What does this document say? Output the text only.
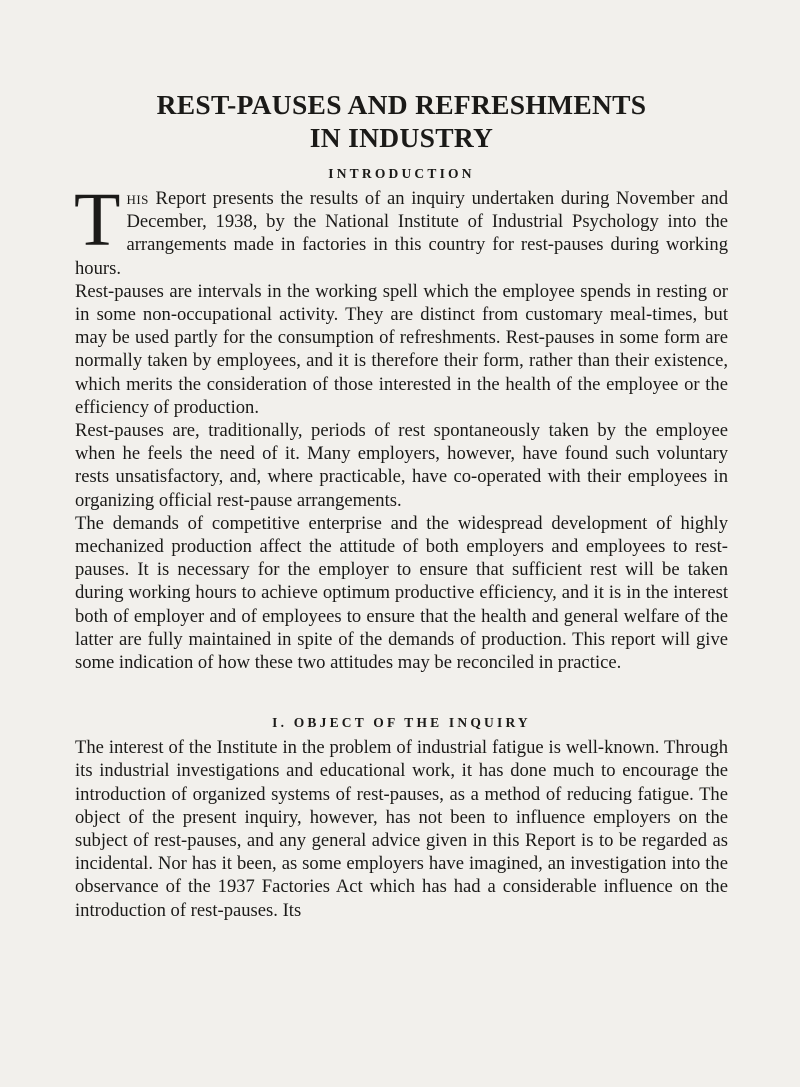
REST-PAUSES AND REFRESHMENTS
IN INDUSTRY
INTRODUCTION

This Report presents the results of an inquiry undertaken during November and December, 1938, by the National Institute of Industrial Psychology into the arrangements made in factories in this country for rest-pauses during working hours.

Rest-pauses are intervals in the working spell which the employee spends in resting or in some non-occupational activity. They are distinct from customary meal-times, but may be used partly for the consumption of refreshments. Rest-pauses in some form are normally taken by employees, and it is therefore their form, rather than their existence, which merits the consideration of those interested in the health of the employee or the efficiency of production.

Rest-pauses are, traditionally, periods of rest spontaneously taken by the employee when he feels the need of it. Many employers, however, have found such voluntary rests unsatisfactory, and, where practicable, have co-operated with their employees in organizing official rest-pause arrangements.

The demands of competitive enterprise and the widespread development of highly mechanized production affect the attitude of both employers and employees to rest-pauses. It is necessary for the employer to ensure that sufficient rest will be taken during working hours to achieve optimum productive efficiency, and it is in the interest both of employer and of employees to ensure that the health and general welfare of the latter are fully maintained in spite of the demands of production. This report will give some indication of how these two attitudes may be reconciled in practice.

I. OBJECT OF THE INQUIRY

The interest of the Institute in the problem of industrial fatigue is well-known. Through its industrial investigations and educational work, it has done much to encourage the introduction of organized systems of rest-pauses, as a method of reducing fatigue. The object of the present inquiry, however, has not been to influence employers on the subject of rest-pauses, and any general advice given in this Report is to be regarded as incidental. Nor has it been, as some employers have imagined, an investigation into the observance of the 1937 Factories Act which has had a considerable influence on the introduction of rest-pauses. Its
